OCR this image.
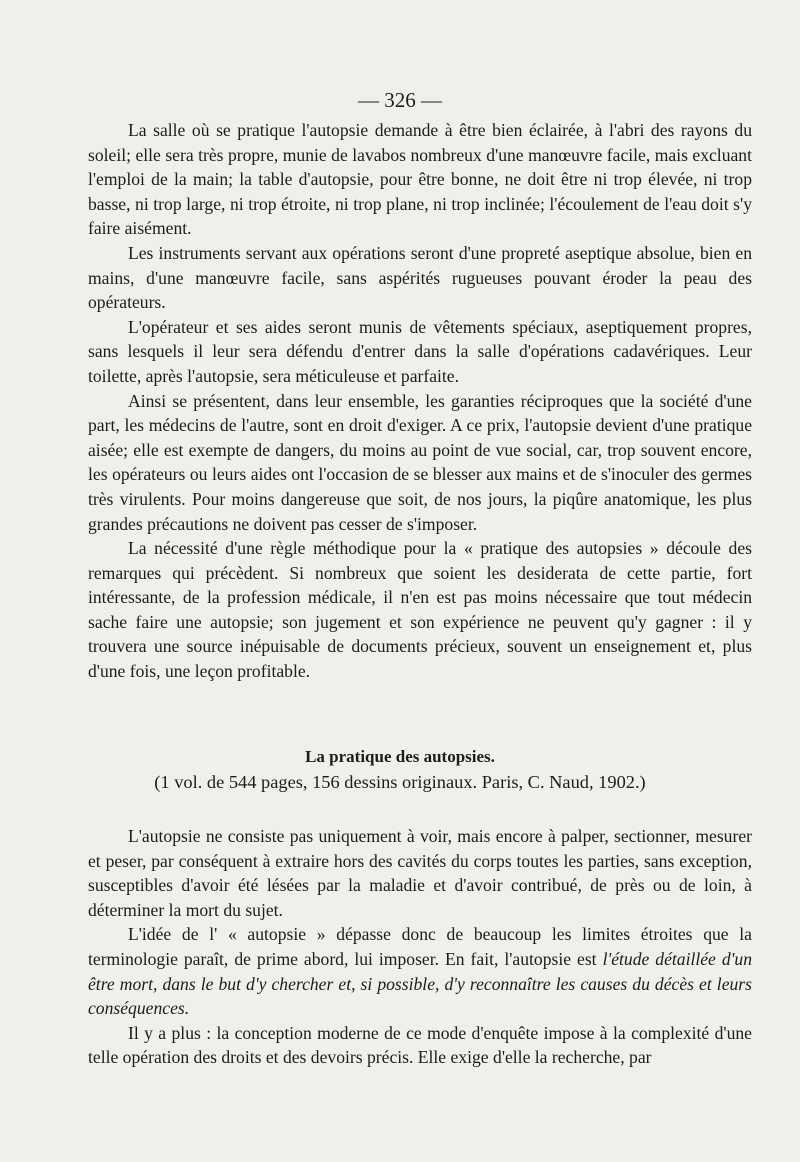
— 326 —

La salle où se pratique l'autopsie demande à être bien éclairée, à l'abri des rayons du soleil; elle sera très propre, munie de lavabos nombreux d'une manœuvre facile, mais excluant l'emploi de la main; la table d'autopsie, pour être bonne, ne doit être ni trop élevée, ni trop basse, ni trop large, ni trop étroite, ni trop plane, ni trop inclinée; l'écoulement de l'eau doit s'y faire aisément.

Les instruments servant aux opérations seront d'une propreté aseptique absolue, bien en mains, d'une manœuvre facile, sans aspérités rugueuses pouvant éroder la peau des opérateurs.

L'opérateur et ses aides seront munis de vêtements spéciaux, aseptiquement propres, sans lesquels il leur sera défendu d'entrer dans la salle d'opérations cadavériques. Leur toilette, après l'autopsie, sera méticuleuse et parfaite.

Ainsi se présentent, dans leur ensemble, les garanties réciproques que la société d'une part, les médecins de l'autre, sont en droit d'exiger. A ce prix, l'autopsie devient d'une pratique aisée; elle est exempte de dangers, du moins au point de vue social, car, trop souvent encore, les opérateurs ou leurs aides ont l'occasion de se blesser aux mains et de s'inoculer des germes très virulents. Pour moins dangereuse que soit, de nos jours, la piqûre anatomique, les plus grandes précautions ne doivent pas cesser de s'imposer.

La nécessité d'une règle méthodique pour la « pratique des autopsies » découle des remarques qui précèdent. Si nombreux que soient les desiderata de cette partie, fort intéressante, de la profession médicale, il n'en est pas moins nécessaire que tout médecin sache faire une autopsie; son jugement et son expérience ne peuvent qu'y gagner : il y trouvera une source inépuisable de documents précieux, souvent un enseignement et, plus d'une fois, une leçon profitable.

La pratique des autopsies.
(1 vol. de 544 pages, 156 dessins originaux. Paris, C. Naud, 1902.)

L'autopsie ne consiste pas uniquement à voir, mais encore à palper, sectionner, mesurer et peser, par conséquent à extraire hors des cavités du corps toutes les parties, sans exception, susceptibles d'avoir été lésées par la maladie et d'avoir contribué, de près ou de loin, à déterminer la mort du sujet.

L'idée de l' « autopsie » dépasse donc de beaucoup les limites étroites que la terminologie paraît, de prime abord, lui imposer. En fait, l'autopsie est l'étude détaillée d'un être mort, dans le but d'y chercher et, si possible, d'y reconnaître les causes du décès et leurs conséquences.

Il y a plus : la conception moderne de ce mode d'enquête impose à la complexité d'une telle opération des droits et des devoirs précis. Elle exige d'elle la recherche, par
